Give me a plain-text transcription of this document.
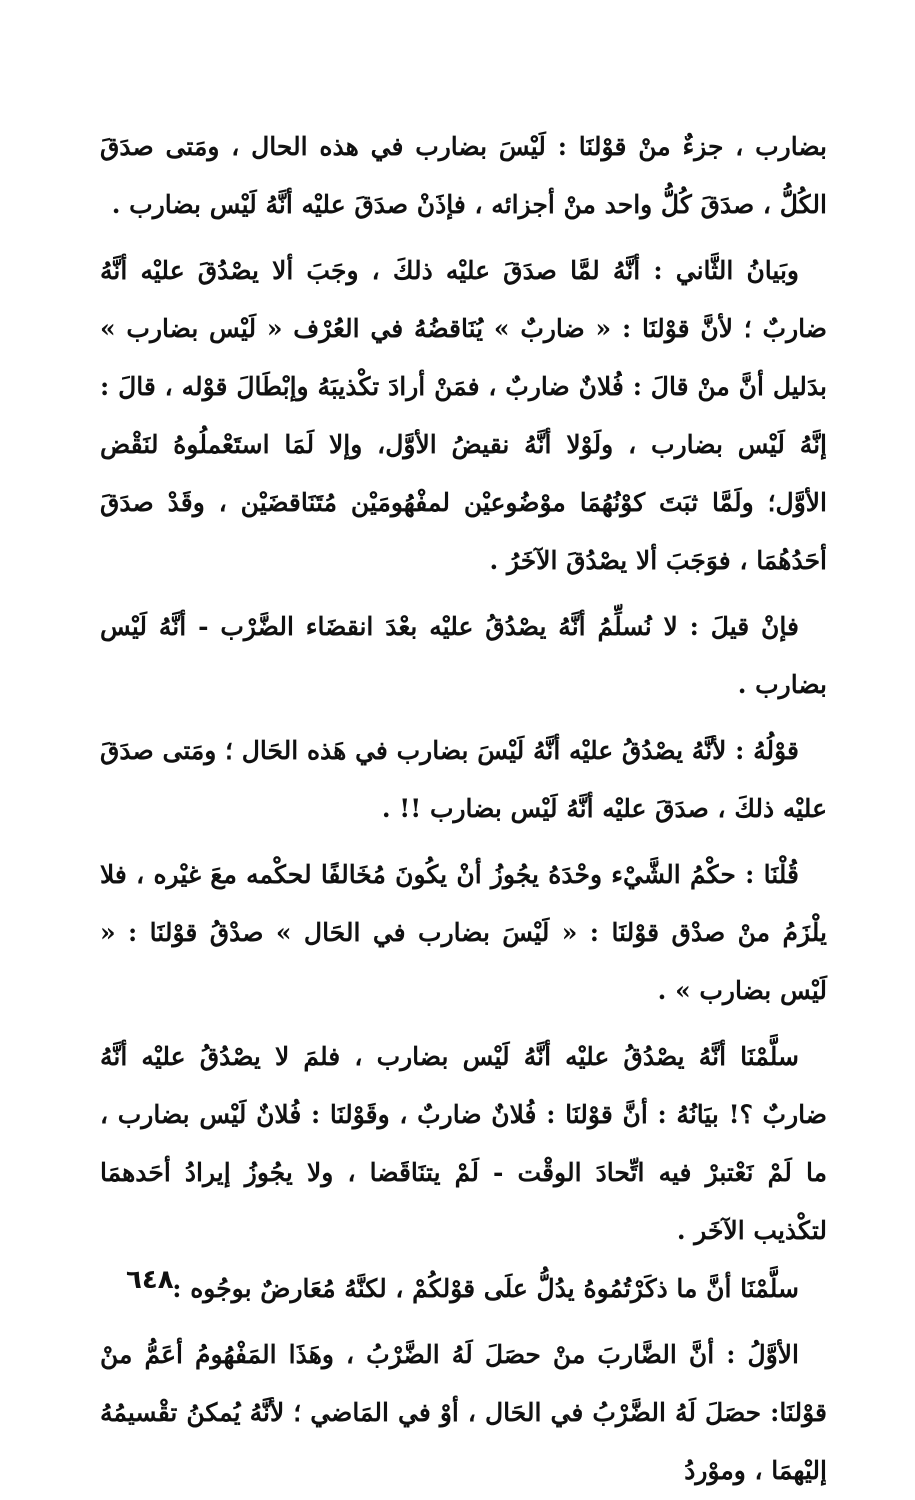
بضارب ، جزءٌ منْ قوْلنَا : لَيْسَ بضارب في هذه الحال ، ومَتى صدَقَ الكُلُّ ، صدَقَ كُلُّ واحد منْ أجزائه ، فإذَنْ صدَقَ عليْه أنَّهُ لَيْس بضارب .

وبَيانُ الثَّاني : أنَّهُ لمَّا صدَقَ عليْه ذلكَ ، وجَبَ ألا يصْدُقَ عليْه أنَّهُ ضاربٌ ؛ لأنَّ قوْلنَا : « ضاربٌ » يُنَاقضُهُ في العُرْف « لَيْس بضارب » بدَليل أنَّ منْ قالَ : فُلانٌ ضاربٌ ، فمَنْ أرادَ تكْذيبَهُ وإبْطَالَ قوْله ، قالَ : إنَّهُ لَيْس بضارب ، ولَوْلا أنَّهُ نقيضُ الأوَّل، وإلا لَمَا استَعْملُوهُ لنَقْض الأوَّل؛ ولَمَّا ثبَتَ كوْنُهُمَا موْضُوعيْن لمفْهُومَيْن مُتَنَاقضَيْن ، وقَدْ صدَقَ أحَدُهُمَا ، فوَجَبَ ألا يصْدُقَ الآخَرُ .

فإنْ قيلَ : لا نُسلِّمُ أنَّهُ يصْدُقُ عليْه بعْدَ انقضَاء الضَّرْب - أنَّهُ لَيْس بضارب .

قوْلُهُ : لأنَّهُ يصْدُقُ عليْه أنَّهُ لَيْسَ بضارب في هَذه الحَال ؛ ومَتى صدَقَ عليْه ذلكَ ، صدَقَ عليْه أنَّهُ لَيْس بضارب !! .

قُلْنَا : حكْمُ الشَّيْء وحْدَهُ يجُوزُ أنْ يكُونَ مُخَالفًا لحكْمه معَ غيْره ، فلا يلْزَمُ منْ صدْق قوْلنَا : « لَيْسَ بضارب في الحَال » صدْقُ قوْلنَا : « لَيْس بضارب » .

سلَّمْنَا أنَّهُ يصْدُقُ عليْه أنَّهُ لَيْس بضارب ، فلمَ لا يصْدُقُ عليْه أنَّهُ ضاربٌ ؟! بيَانُهُ : أنَّ قوْلنَا : فُلانٌ ضاربٌ ، وقَوْلنَا : فُلانٌ لَيْس بضارب ، ما لَمْ نَعْتبرْ فيه اتِّحادَ الوقْت - لَمْ يتنَاقَضا ، ولا يجُوزُ إيرادُ أحَدهمَا لتكْذيب الآخَر .

سلَّمْنَا أنَّ ما ذكَرْتُمُوهُ يدُلُّ علَى قوْلكُمْ ، لكنَّهُ مُعَارضٌ بوجُوه :

الأوَّلُ : أنَّ الضَّاربَ منْ حصَلَ لَهُ الضَّرْبُ ، وهَذَا المَفْهُومُ أعَمُّ منْ قوْلنَا: حصَلَ لَهُ الضَّرْبُ في الحَال ، أوْ في المَاضي ؛ لأنَّهُ يُمكنُ تقْسيمُهُ إليْهمَا ، وموْردُ

٦٤٨
